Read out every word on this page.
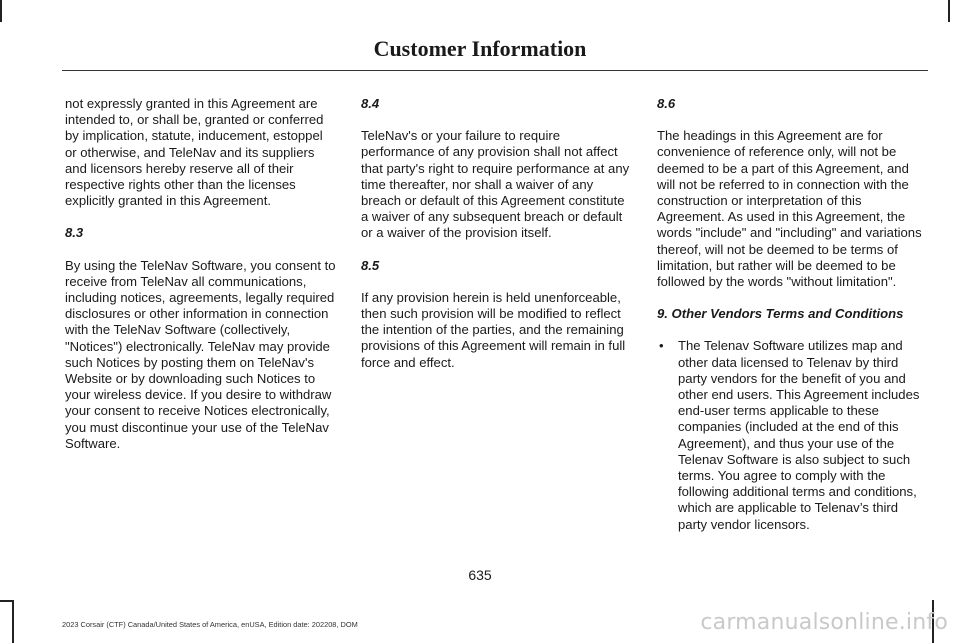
Customer Information

not expressly granted in this Agreement are intended to, or shall be, granted or conferred by implication, statute, inducement, estoppel or otherwise, and TeleNav and its suppliers and licensors hereby reserve all of their respective rights other than the licenses explicitly granted in this Agreement.

8.3

By using the TeleNav Software, you consent to receive from TeleNav all communications, including notices, agreements, legally required disclosures or other information in connection with the TeleNav Software (collectively, "Notices") electronically. TeleNav may provide such Notices by posting them on TeleNav's Website or by downloading such Notices to your wireless device. If you desire to withdraw your consent to receive Notices electronically, you must discontinue your use of the TeleNav Software.

8.4

TeleNav's or your failure to require performance of any provision shall not affect that party's right to require performance at any time thereafter, nor shall a waiver of any breach or default of this Agreement constitute a waiver of any subsequent breach or default or a waiver of the provision itself.

8.5

If any provision herein is held unenforceable, then such provision will be modified to reflect the intention of the parties, and the remaining provisions of this Agreement will remain in full force and effect.

8.6

The headings in this Agreement are for convenience of reference only, will not be deemed to be a part of this Agreement, and will not be referred to in connection with the construction or interpretation of this Agreement. As used in this Agreement, the words "include" and "including" and variations thereof, will not be deemed to be terms of limitation, but rather will be deemed to be followed by the words "without limitation".

9. Other Vendors Terms and Conditions

• The Telenav Software utilizes map and other data licensed to Telenav by third party vendors for the benefit of you and other end users. This Agreement includes end-user terms applicable to these companies (included at the end of this Agreement), and thus your use of the Telenav Software is also subject to such terms. You agree to comply with the following additional terms and conditions, which are applicable to Telenav’s third party vendor licensors.
635
2023 Corsair (CTF) Canada/United States of America, enUSA, Edition date: 202208, DOM	carmanualsonline.info
